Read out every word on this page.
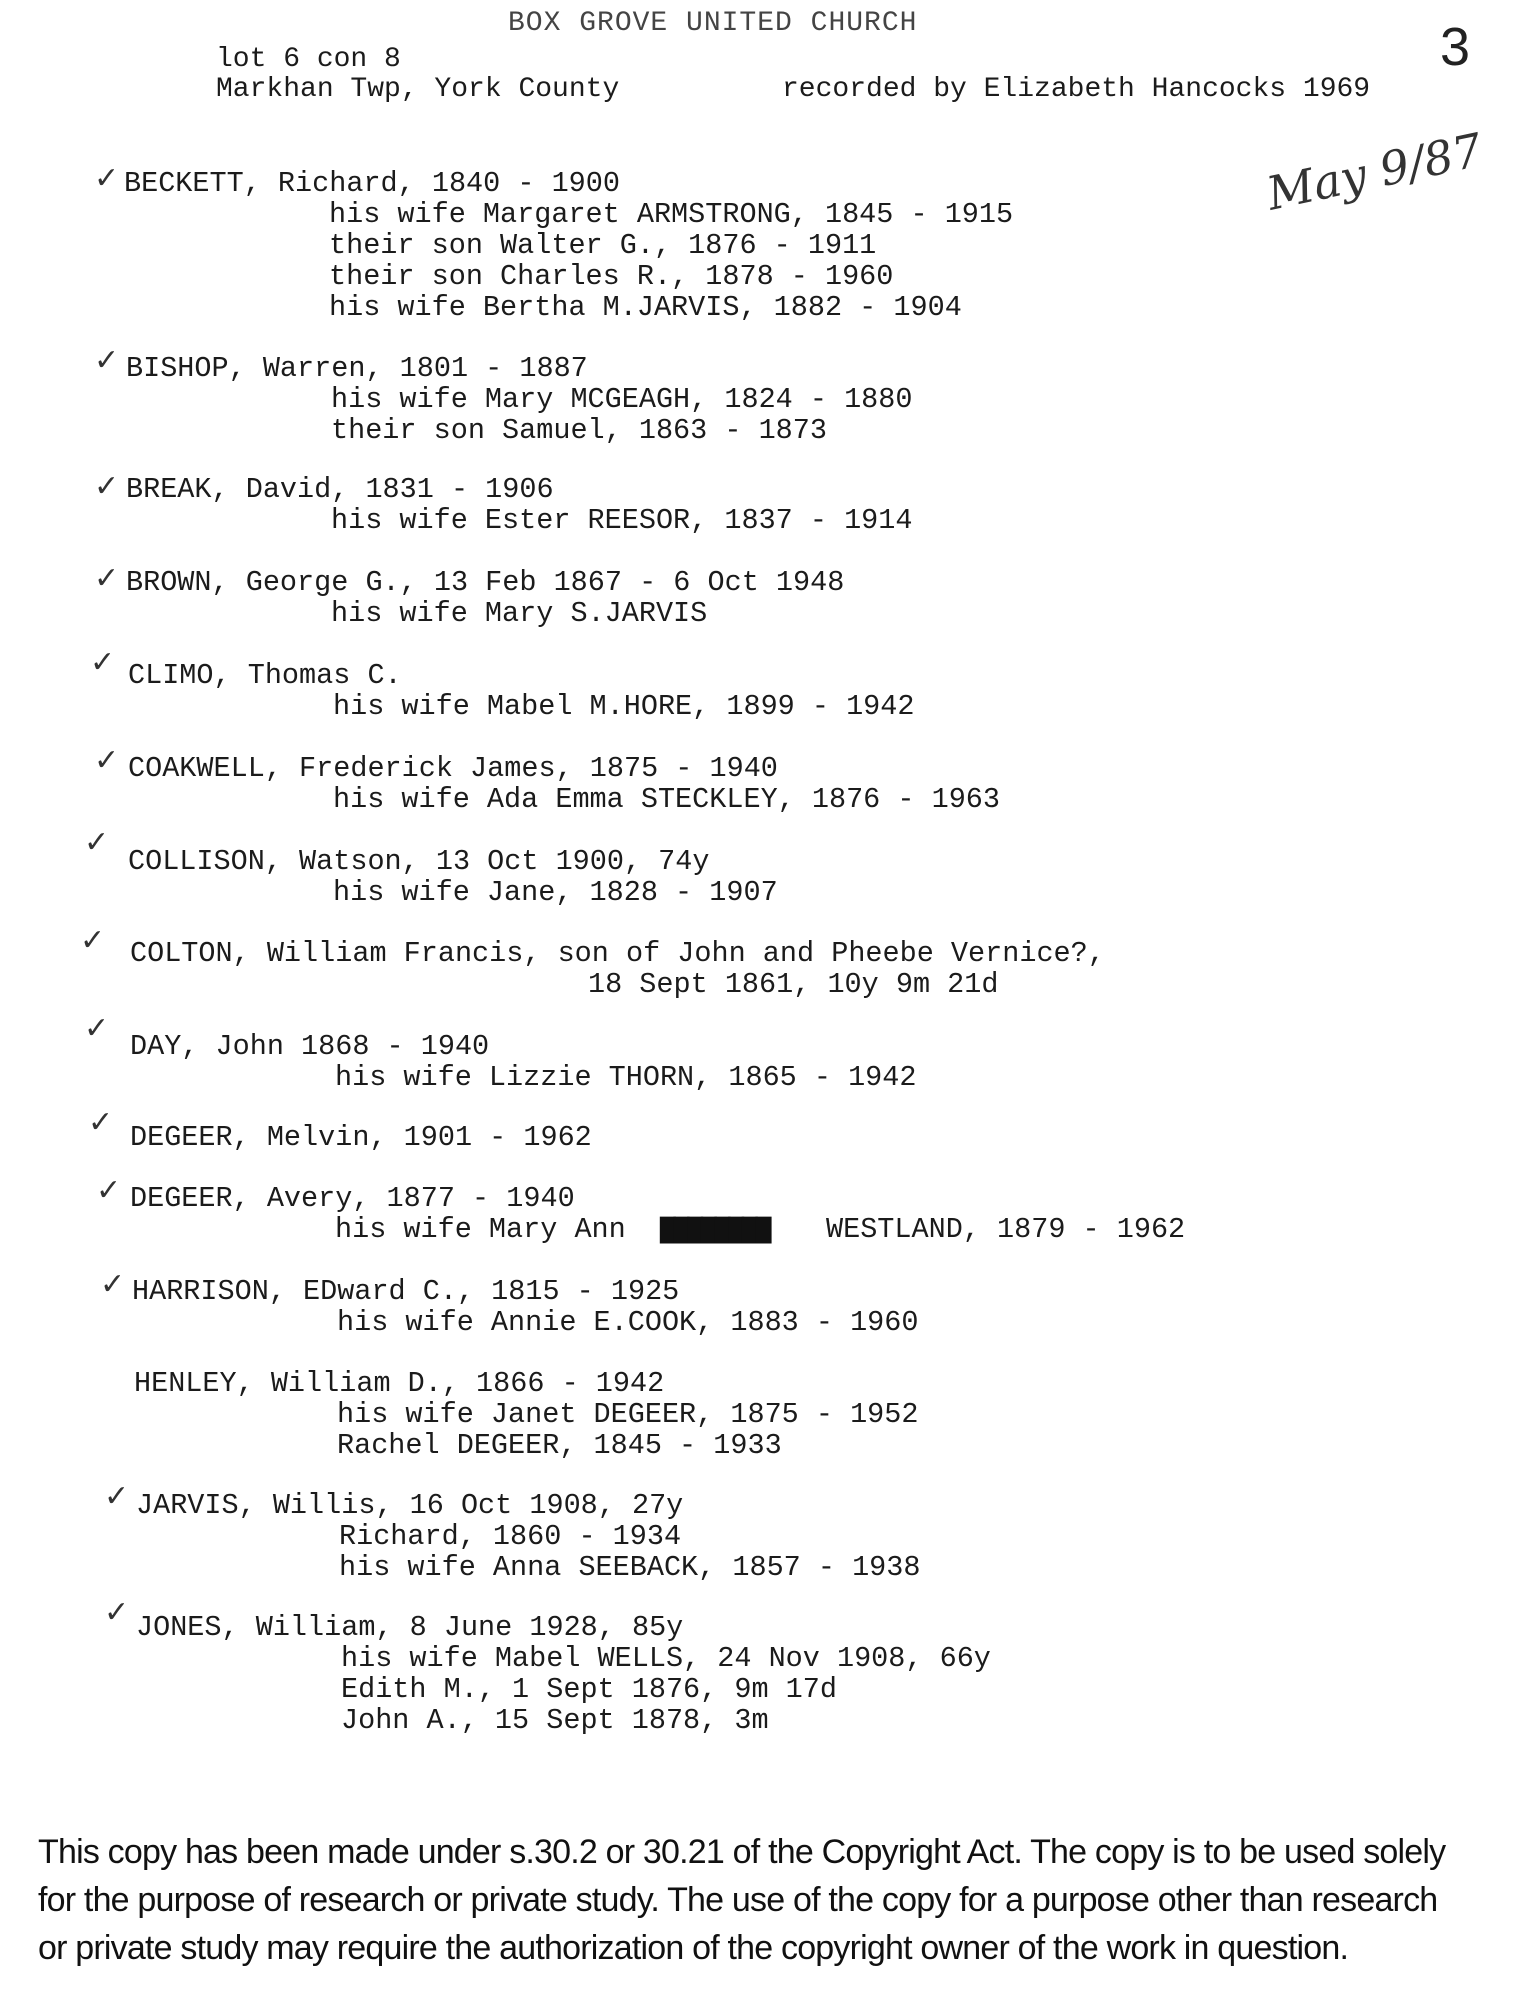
BOX GROVE UNITED CHURCH	3
lot 6 con 8
Markhan Twp, York County	recorded by Elizabeth Hancocks 1969
May 9/87
✓ BECKETT, Richard, 1840 - 1900
his wife Margaret ARMSTRONG, 1845 - 1915
their son Walter G., 1876 - 1911
their son Charles R., 1878 - 1960
his wife Bertha M.JARVIS, 1882 - 1904
✓ BISHOP, Warren, 1801 - 1887
his wife Mary MCGEAGH, 1824 - 1880
their son Samuel, 1863 - 1873
✓ BREAK, David, 1831 - 1906
his wife Ester REESOR, 1837 - 1914
✓ BROWN, George G., 13 Feb 1867 - 6 Oct 1948
his wife Mary S.JARVIS
✓ CLIMO, Thomas C.
his wife Mabel M.HORE, 1899 - 1942
✓ COAKWELL, Frederick James, 1875 - 1940
his wife Ada Emma STECKLEY, 1876 - 1963
✓
COLLISON, Watson, 13 Oct 1900, 74y
his wife Jane, 1828 - 1907
✓ COLTON, William Francis, son of John and Pheebe Vernice?,
18 Sept 1861, 10y 9m 21d
✓
DAY, John 1868 - 1940
his wife Lizzie THORN, 1865 - 1942
✓ DEGEER, Melvin, 1901 - 1962
✓ DEGEER, Avery, 1877 - 1940
his wife Mary Ann ▇▇▇▇▇▇▇▇ WESTLAND, 1879 - 1962
✓ HARRISON, EDward C., 1815 - 1925
his wife Annie E.COOK, 1883 - 1960
HENLEY, William D., 1866 - 1942
his wife Janet DEGEER, 1875 - 1952
Rachel DEGEER, 1845 - 1933
✓ JARVIS, Willis, 16 Oct 1908, 27y
Richard, 1860 - 1934
his wife Anna SEEBACK, 1857 - 1938
✓ JONES, William, 8 June 1928, 85y
his wife Mabel WELLS, 24 Nov 1908, 66y
Edith M., 1 Sept 1876, 9m 17d
John A., 15 Sept 1878, 3m
This copy has been made under s.30.2 or 30.21 of the Copyright Act. The copy is to be used solely
for the purpose of research or private study. The use of the copy for a purpose other than research
or private study may require the authorization of the copyright owner of the work in question.
